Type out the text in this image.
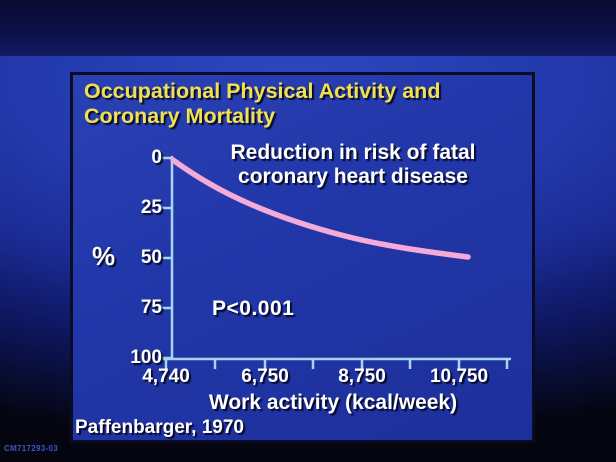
Occupational Physical Activity and
Coronary Mortality
Reduction in risk of fatal
coronary heart disease
%
0
25
50
75
100
4,740	6,750	8,750	10,750
Work activity (kcal/week)
P<0.001
Paffenbarger, 1970
CM717293-03
